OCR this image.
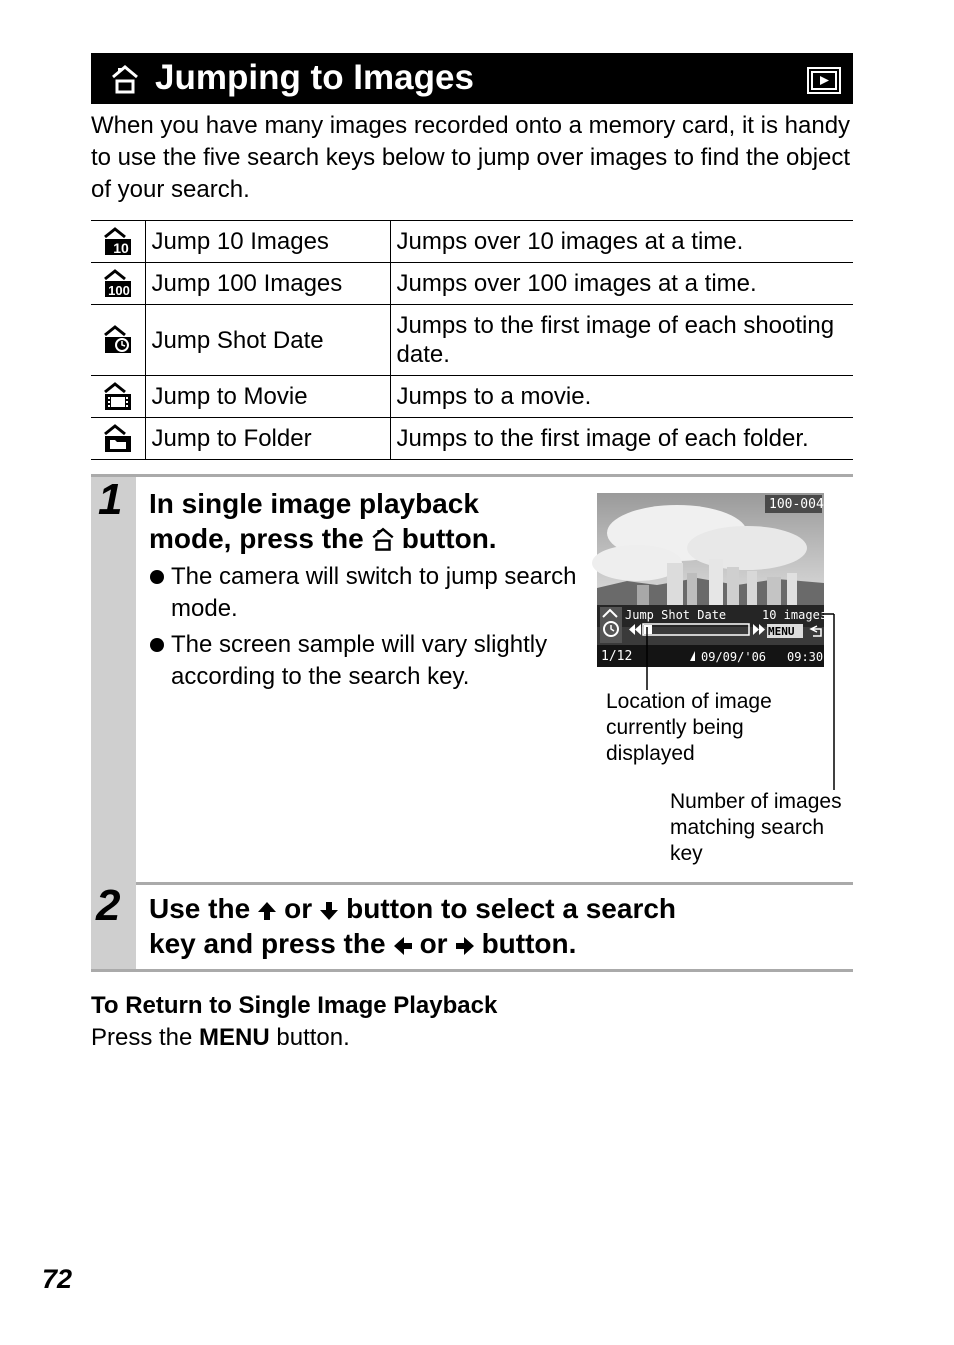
Jumping to Images

When you have many images recorded onto a memory card, it is handy to use the five search keys below to jump over images to find the object of your search.

10	Jump 10 Images	Jumps over 10 images at a time.

100	Jump 100 Images	Jumps over 100 images at a time.

	Jump Shot Date	Jumps to the first image of each shooting date.

	Jump to Movie	Jumps to a movie.

	Jump to Folder	Jumps to the first image of each folder.
1 In single image playback
mode, press the button.
The camera will switch to jump search mode.
The screen sample will vary slightly according to the search key.
100-0048
Jump Shot Date	10 images
MENU
1/12	09/09/'06 09:30
Location of image currently being displayed
Number of images matching search key
2 Use the or button to select a search
key and press the or button.
To Return to Single Image Playback
Press the MENU button.
72
